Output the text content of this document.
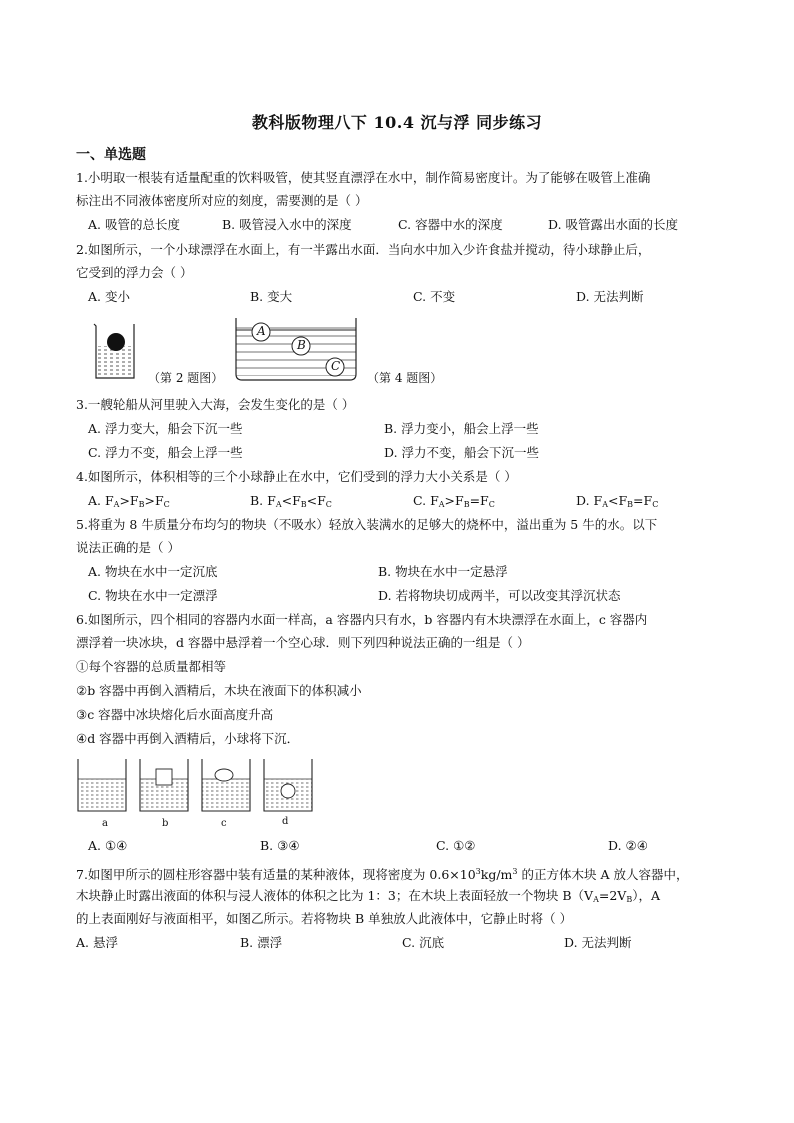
教科版物理八下 10.4 沉与浮 同步练习
一、单选题
1.小明取一根装有适量配重的饮料吸管，使其竖直漂浮在水中，制作简易密度计。为了能够在吸管上准确
标注出不同液体密度所对应的刻度，需要测的是（ ）
A. 吸管的总长度	B. 吸管浸入水中的深度	C. 容器中水的深度	D. 吸管露出水面的长度
2.如图所示，一个小球漂浮在水面上，有一半露出水面．当向水中加入少许食盐并搅动，待小球静止后，
它受到的浮力会（ ）
A. 变小	B. 变大	C. 不变	D. 无法判断
（第 2 题图）
A
B
C
（第 4 题图）
3.一艘轮船从河里驶入大海，会发生变化的是（ ）
A. 浮力变大，船会下沉一些	B. 浮力变小，船会上浮一些
C. 浮力不变，船会上浮一些	D. 浮力不变，船会下沉一些
4.如图所示，体积相等的三个小球静止在水中，它们受到的浮力大小关系是（ ）
A. $F_A>F_B>F_C$	B. $F_A<F_B<F_C$	C. $F_A>F_B=F_C$	D. $F_A<F_B=F_C$
5.将重为 8 牛质量分布均匀的物块（不吸水）轻放入装满水的足够大的烧杯中，溢出重为 5 牛的水。以下
说法正确的是（ ）
A. 物块在水中一定沉底	B. 物块在水中一定悬浮
C. 物块在水中一定漂浮	D. 若将物块切成两半，可以改变其浮沉状态
6.如图所示，四个相同的容器内水面一样高，a 容器内只有水，b 容器内有木块漂浮在水面上，c 容器内
漂浮着一块冰块，d 容器中悬浮着一个空心球．则下列四种说法正确的一组是（ ）
①每个容器的总质量都相等
②b 容器中再倒入酒精后，木块在液面下的体积减小
③c 容器中冰块熔化后水面高度升高
④d 容器中再倒入酒精后，小球将下沉．
a	b	c	d
A. ①④	B. ③④	C. ①②	D. ②④
7.如图甲所示的圆柱形容器中装有适量的某种液体，现将密度为 $0.6\times 10^3kg/m^3$ 的正方体木块 A 放人容器中，
木块静止时露出液面的体积与浸人液体的体积之比为 1：3；在木块上表面轻放一个物块 $B(V_A=2V_B)$，A
的上表面刚好与液面相平，如图乙所示。若将物块 B 单独放人此液体中，它静止时将（ ）
A. 悬浮	B. 漂浮	C. 沉底	D. 无法判断
